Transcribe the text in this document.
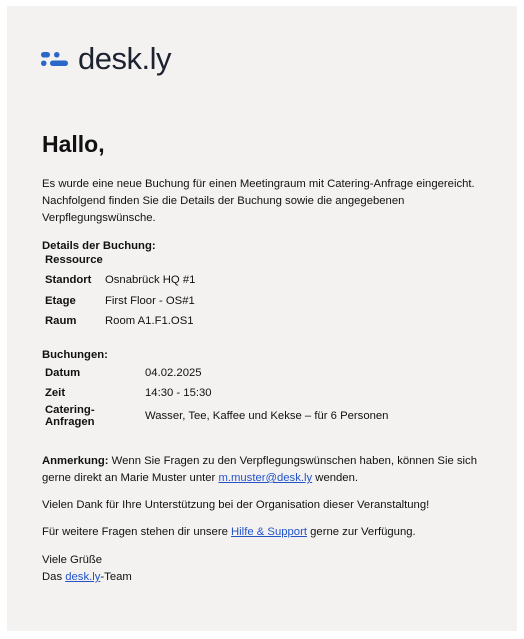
desk.ly
Hallo,

Es wurde eine neue Buchung für einen Meetingraum mit Catering-Anfrage eingereicht. Nachfolgend finden Sie die Details der Buchung sowie die angegebenen Verpflegungswünsche.

Details der Buchung:

Ressource	
Standort	Osnabrück HQ #1
Etage	First Floor - OS#1
Raum	Room A1.F1.OS1

Buchungen:

Datum	04.02.2025
Zeit	14:30 - 15:30
Catering-Anfragen	Wasser, Tee, Kaffee und Kekse – für 6 Personen

Anmerkung: Wenn Sie Fragen zu den Verpflegungswünschen haben, können Sie sich gerne direkt an Marie Muster unter m.muster@desk.ly wenden.

Vielen Dank für Ihre Unterstützung bei der Organisation dieser Veranstaltung!

Für weitere Fragen stehen dir unsere Hilfe & Support gerne zur Verfügung.

Viele Grüße

Das desk.ly-Team
